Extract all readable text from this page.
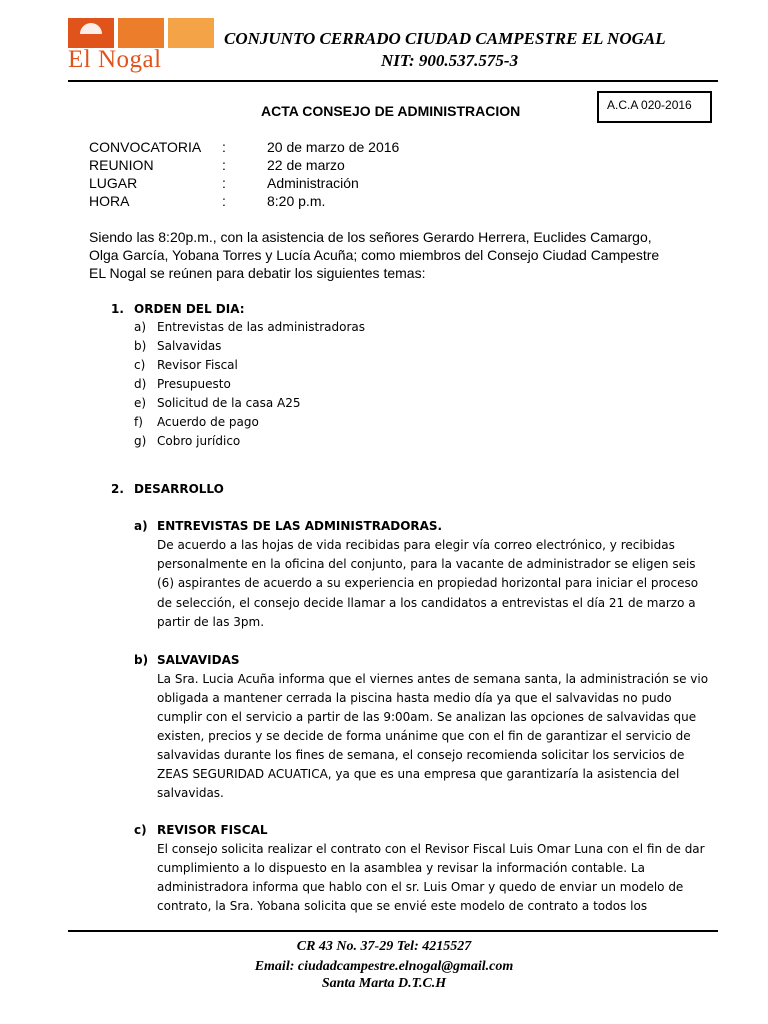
El Nogal
CONJUNTO CERRADO CIUDAD CAMPESTRE EL NOGAL
NIT: 900.537.575-3
ACTA CONSEJO DE ADMINISTRACION	A.C.A 020-2016
CONVOCATORIA :	20 de marzo de 2016
REUNION	:	22 de marzo
LUGAR	:	Administración
HORA	:	8:20 p.m.
Siendo las 8:20p.m., con la asistencia de los señores Gerardo Herrera, Euclides Camargo,
Olga García, Yobana Torres y Lucía Acuña; como miembros del Consejo Ciudad Campestre
EL Nogal se reúnen para debatir los siguientes temas:
1. ORDEN DEL DIA:
a) Entrevistas de las administradoras
b) Salvavidas
c) Revisor Fiscal
d) Presupuesto
e) Solicitud de la casa A25
f) Acuerdo de pago
g) Cobro jurídico
2. DESARROLLO
a) ENTREVISTAS DE LAS ADMINISTRADORAS.
De acuerdo a las hojas de vida recibidas para elegir vía correo electrónico, y recibidas
personalmente en la oficina del conjunto, para la vacante de administrador se eligen seis
(6) aspirantes de acuerdo a su experiencia en propiedad horizontal para iniciar el proceso
de selección, el consejo decide llamar a los candidatos a entrevistas el día 21 de marzo a
partir de las 3pm.
b) SALVAVIDAS
La Sra. Lucia Acuña informa que el viernes antes de semana santa, la administración se vio
obligada a mantener cerrada la piscina hasta medio día ya que el salvavidas no pudo
cumplir con el servicio a partir de las 9:00am. Se analizan las opciones de salvavidas que
existen, precios y se decide de forma unánime que con el fin de garantizar el servicio de
salvavidas durante los fines de semana, el consejo recomienda solicitar los servicios de
ZEAS SEGURIDAD ACUATICA, ya que es una empresa que garantizaría la asistencia del
salvavidas.
c) REVISOR FISCAL
El consejo solicita realizar el contrato con el Revisor Fiscal Luis Omar Luna con el fin de dar
cumplimiento a lo dispuesto en la asamblea y revisar la información contable. La
administradora informa que hablo con el sr. Luis Omar y quedo de enviar un modelo de
contrato, la Sra. Yobana solicita que se envié este modelo de contrato a todos los
CR 43 No. 37-29 Tel: 4215527
Email: ciudadcampestre.elnogal@gmail.com
Santa Marta D.T.C.H
